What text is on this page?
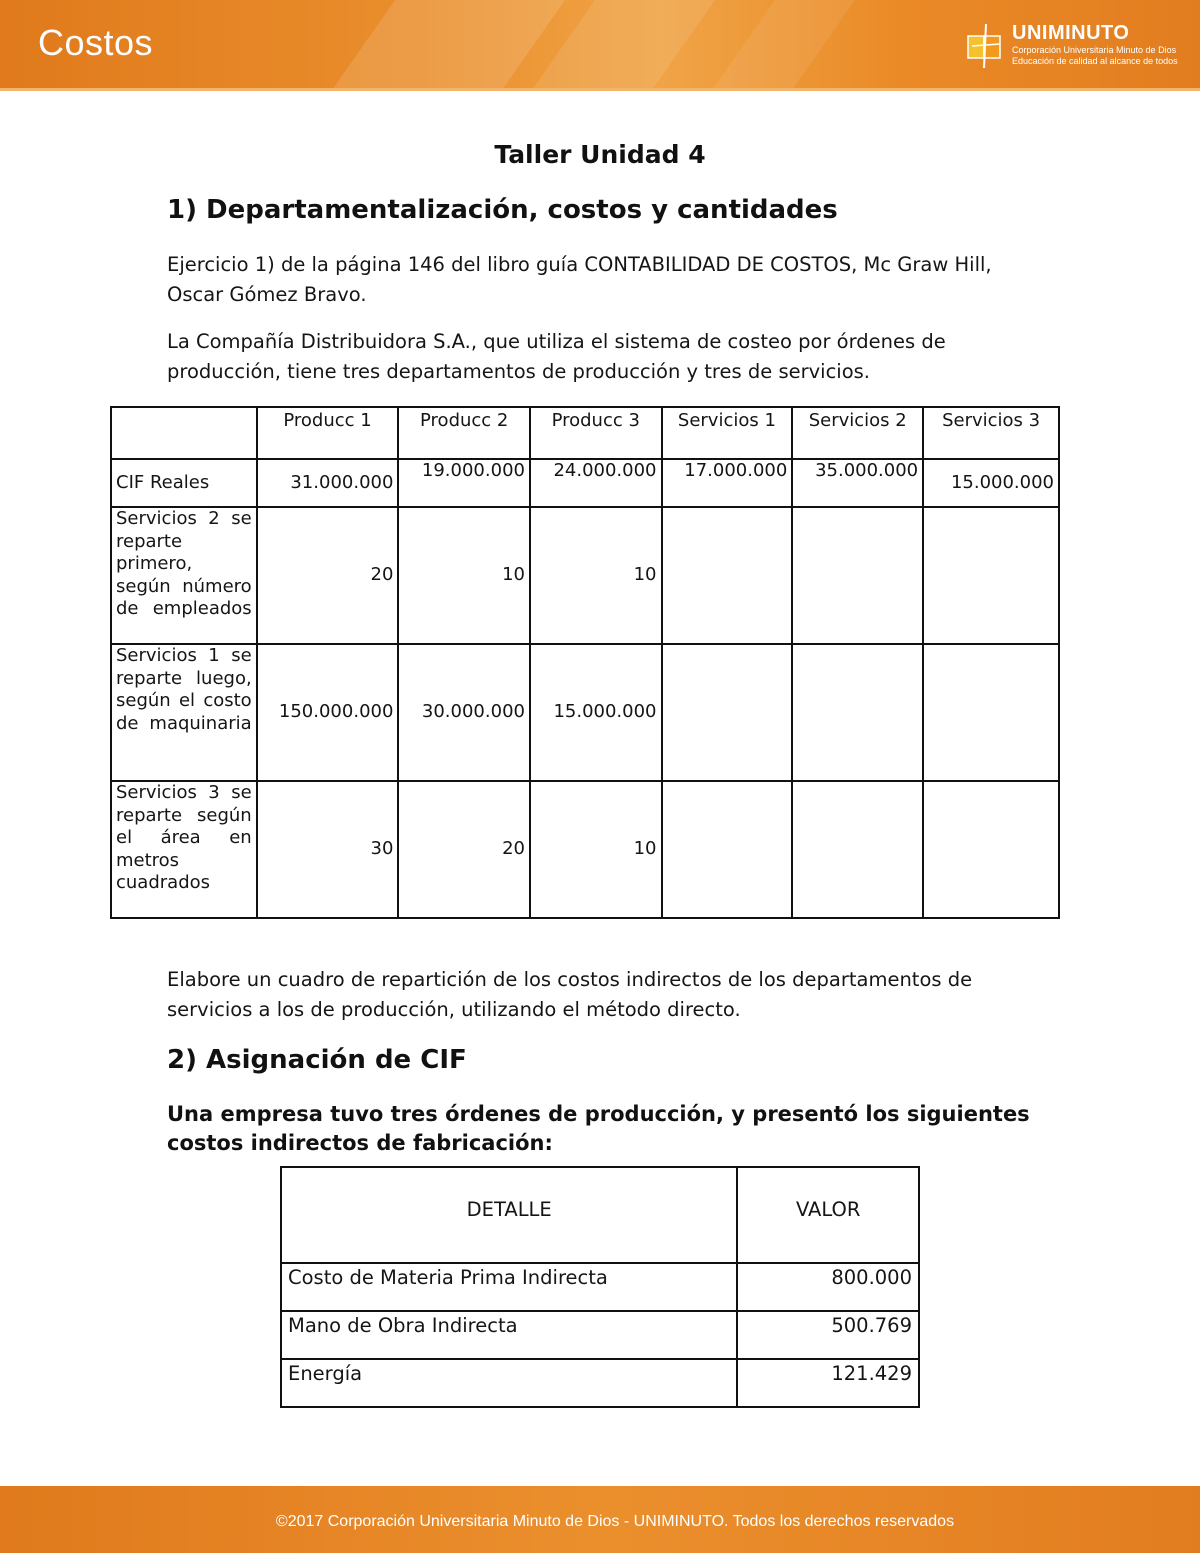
Costos	UNIMINUTO
Corporación Universitaria Minuto de Dios
Educación de calidad al alcance de todos
Taller Unidad 4
1) Departamentalización, costos y cantidades
Ejercicio 1) de la página 146 del libro guía CONTABILIDAD DE COSTOS, Mc Graw Hill, Oscar Gómez Bravo.
La Compañía Distribuidora S.A., que utiliza el sistema de costeo por órdenes de producción, tiene tres departamentos de producción y tres de servicios.
	Producc 1	Producc 2	Producc 3	Servicios 1	Servicios 2	Servicios 3
CIF Reales	31.000.000	19.000.000	24.000.000	17.000.000	35.000.000	15.000.000
Servicios 2 se reparte primero, según número de empleados	20	10	10			
Servicios 1 se reparte luego, según el costo de maquinaria	150.000.000	30.000.000	15.000.000			
Servicios 3 se reparte según el área en metros cuadrados	30	20	10			
Elabore un cuadro de repartición de los costos indirectos de los departamentos de servicios a los de producción, utilizando el método directo.
2) Asignación de CIF
Una empresa tuvo tres órdenes de producción, y presentó los siguientes costos indirectos de fabricación:
DETALLE	VALOR
Costo de Materia Prima Indirecta	800.000
Mano de Obra Indirecta	500.769
Energía	121.429
©2017 Corporación Universitaria Minuto de Dios - UNIMINUTO. Todos los derechos reservados
